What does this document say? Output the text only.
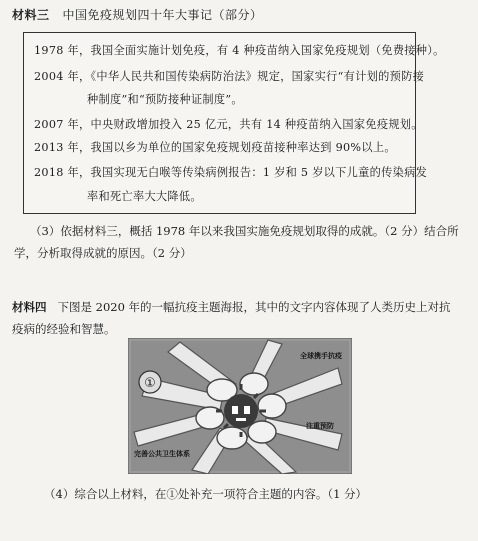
材料三 中国免疫规划四十年大事记（部分）
1978 年，我国全面实施计划免疫，有 4 种疫苗纳入国家免疫规划（免费接种）。
2004 年，《中华人民共和国传染病防治法》规定，国家实行“有计划的预防接
种制度”和“预防接种证制度”。
2007 年，中央财政增加投入 25 亿元，共有 14 种疫苗纳入国家免疫规划。
2013 年，我国以乡为单位的国家免疫规划疫苗接种率达到 90%以上。
2018 年，我国实现无白喉等传染病例报告：1 岁和 5 岁以下儿童的传染病发
率和死亡率大大降低。
（3）依据材料三，概括 1978 年以来我国实施免疫规划取得的成就。（2 分）结合所
学，分析取得成就的原因。（2 分）
材料四 下图是 2020 年的一幅抗疫主题海报，其中的文字内容体现了人类历史上对抗
疫病的经验和智慧。
①
全球携手抗疫
注重预防
完善公共卫生体系
（4）综合以上材料，在①处补充一项符合主题的内容。（1 分）
